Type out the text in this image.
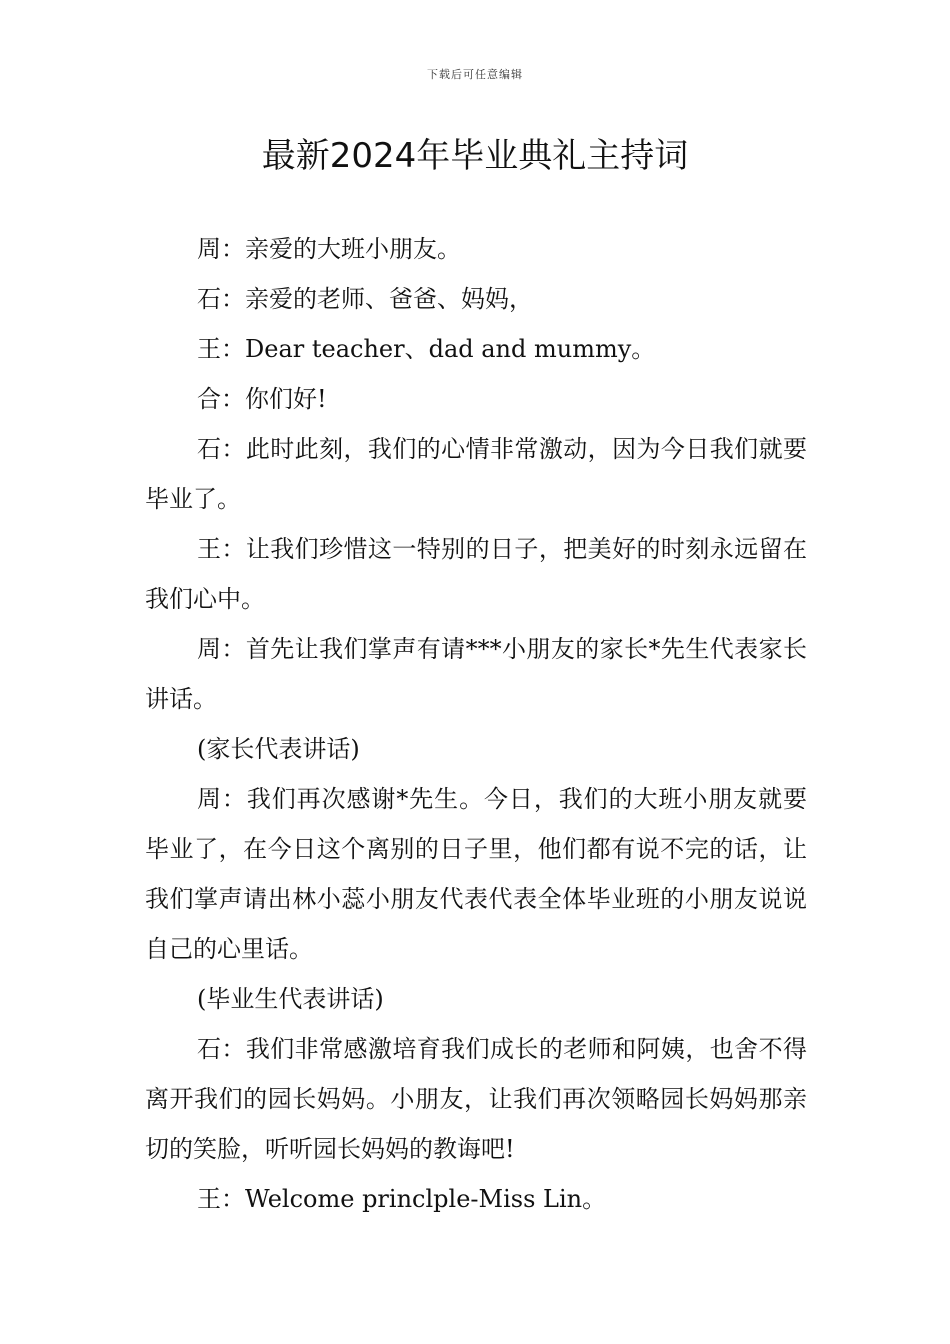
下载后可任意编辑
最新2024年毕业典礼主持词

周：亲爱的大班小朋友。

石：亲爱的老师、爸爸、妈妈，

王：Dear teacher、dad and mummy。

合：你们好!

石：此时此刻，我们的心情非常激动，因为今日我们就要毕业了。

王：让我们珍惜这一特别的日子，把美好的时刻永远留在我们心中。

周：首先让我们掌声有请***小朋友的家长*先生代表家长讲话。

(家长代表讲话)

周：我们再次感谢*先生。今日，我们的大班小朋友就要毕业了，在今日这个离别的日子里，他们都有说不完的话，让我们掌声请出林小蕊小朋友代表代表全体毕业班的小朋友说说自己的心里话。

(毕业生代表讲话)

石：我们非常感激培育我们成长的老师和阿姨，也舍不得离开我们的园长妈妈。小朋友，让我们再次领略园长妈妈那亲切的笑脸，听听园长妈妈的教诲吧!

王：Welcome princlple-Miss Lin。
